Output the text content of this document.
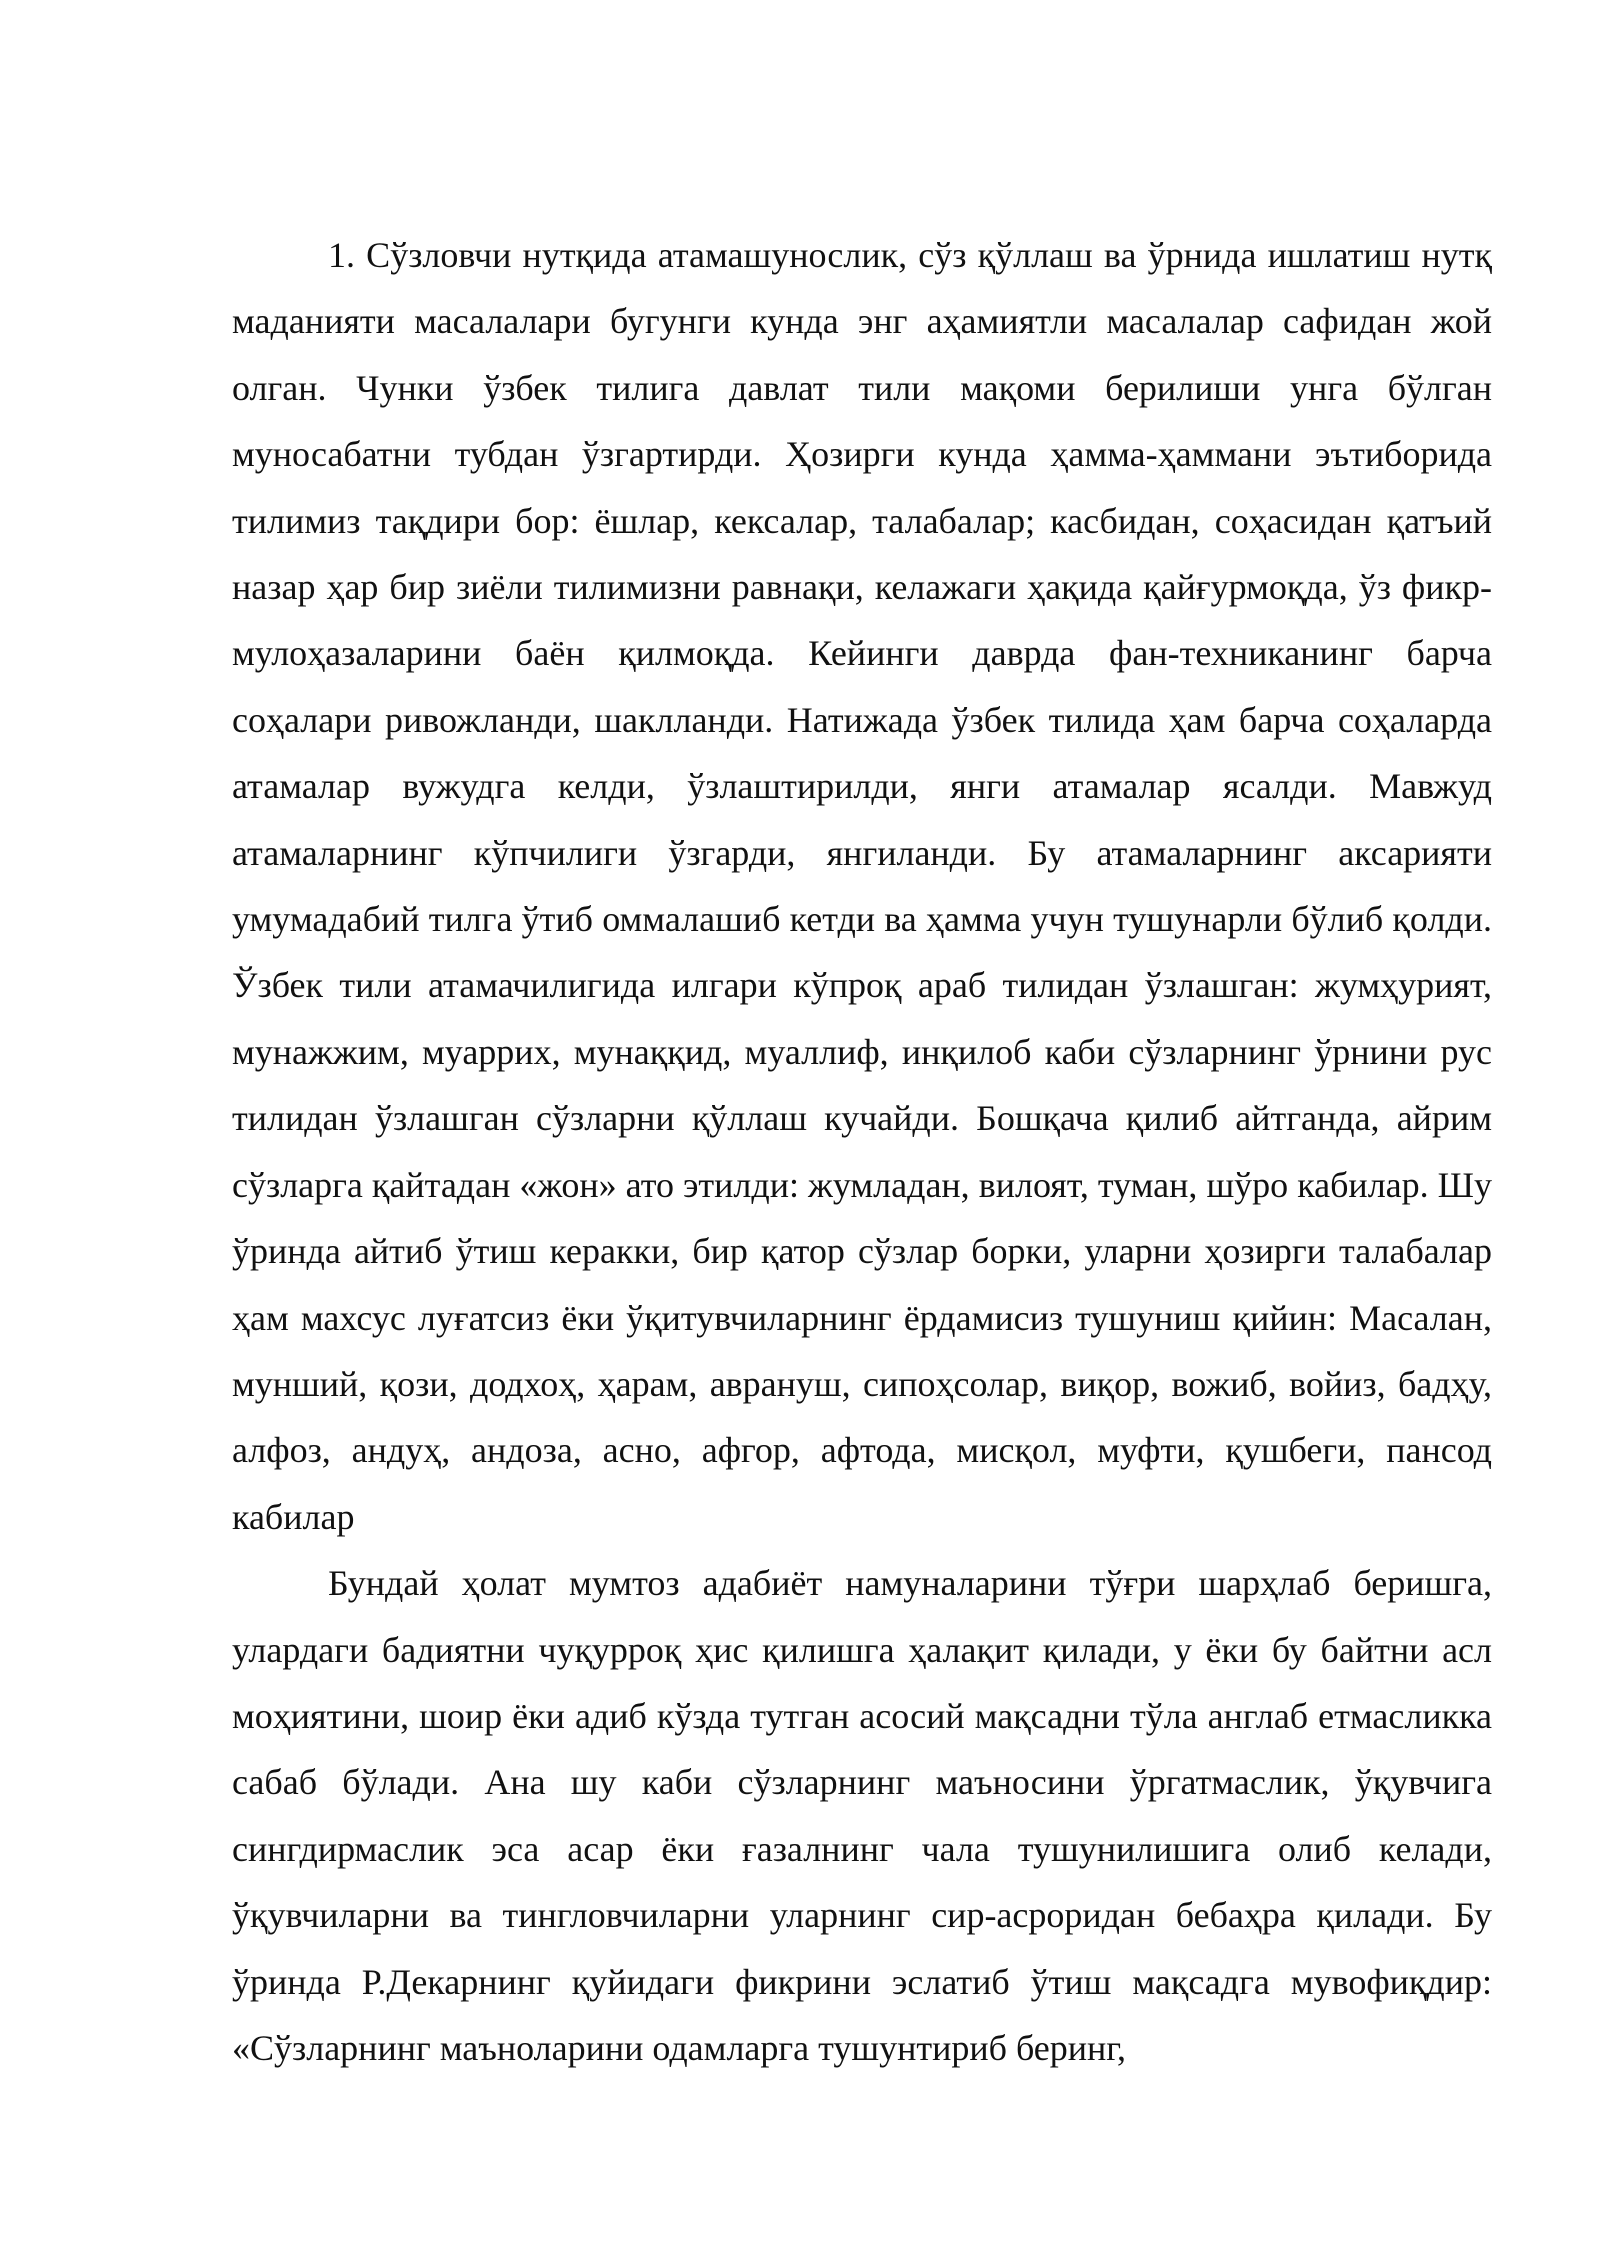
1. Сўзловчи нутқида атамашунослик, сўз қўллаш ва ўрнида ишлатиш нутқ маданияти масалалари бугунги кунда энг аҳамиятли масалалар сафидан жой олган. Чунки ўзбек тилига давлат тили мақоми берилиши унга бўлган муносабатни тубдан ўзгартирди. Ҳозирги кунда ҳамма-ҳаммани эътиборида тилимиз тақдири бор: ёшлар, кексалар, талабалар; касбидан, соҳасидан қатъий назар ҳар бир зиёли тилимизни равнақи, келажаги ҳақида қайғурмоқда, ўз фикр-мулоҳазаларини баён қилмоқда. Кейинги даврда фан-техниканинг барча соҳалари ривожланди, шаклланди. Натижада ўзбек тилида ҳам барча соҳаларда атамалар вужудга келди, ўзлаштирилди, янги атамалар ясалди. Мавжуд атамаларнинг кўпчилиги ўзгарди, янгиланди. Бу атамаларнинг аксарияти умумадабий тилга ўтиб оммалашиб кетди ва ҳамма учун тушунарли бўлиб қолди. Ўзбек тили атамачилигида илгари кўпроқ араб тилидан ўзлашган: жумҳурият, мунажжим, муаррих, мунаққид, муаллиф, инқилоб каби сўзларнинг ўрнини рус тилидан ўзлашган сўзларни қўллаш кучайди. Бошқача қилиб айтганда, айрим сўзларга қайтадан «жон» ато этилди: жумладан, вилоят, туман, шўро кабилар. Шу ўринда айтиб ўтиш керакки, бир қатор сўзлар борки, уларни ҳозирги талабалар ҳам махсус луғатсиз ёки ўқитувчиларнинг ёрдамисиз тушуниш қийин: Масалан, мунший, қози, додхоҳ, ҳарам, аврануш, сипоҳсолар, виқор, вожиб, войиз, бадҳу, алфоз, андуҳ, андоза, асно, афгор, афтода, мисқол, муфти, қушбеги, пансод кабилар

Бундай ҳолат мумтоз адабиёт намуналарини тўғри шарҳлаб беришга, улардаги бадиятни чуқурроқ ҳис қилишга ҳалақит қилади, у ёки бу байтни асл моҳиятини, шоир ёки адиб кўзда тутган асосий мақсадни тўла англаб етмасликка сабаб бўлади. Ана шу каби сўзларнинг маъносини ўргатмаслик, ўқувчига сингдирмаслик эса асар ёки ғазалнинг чала тушунилишига олиб келади, ўқувчиларни ва тингловчиларни уларнинг сир-асроридан бебаҳра қилади. Бу ўринда Р.Декарнинг қуйидаги фикрини эслатиб ўтиш мақсадга мувофиқдир: «Сўзларнинг маъноларини одамларга тушунтириб беринг,
